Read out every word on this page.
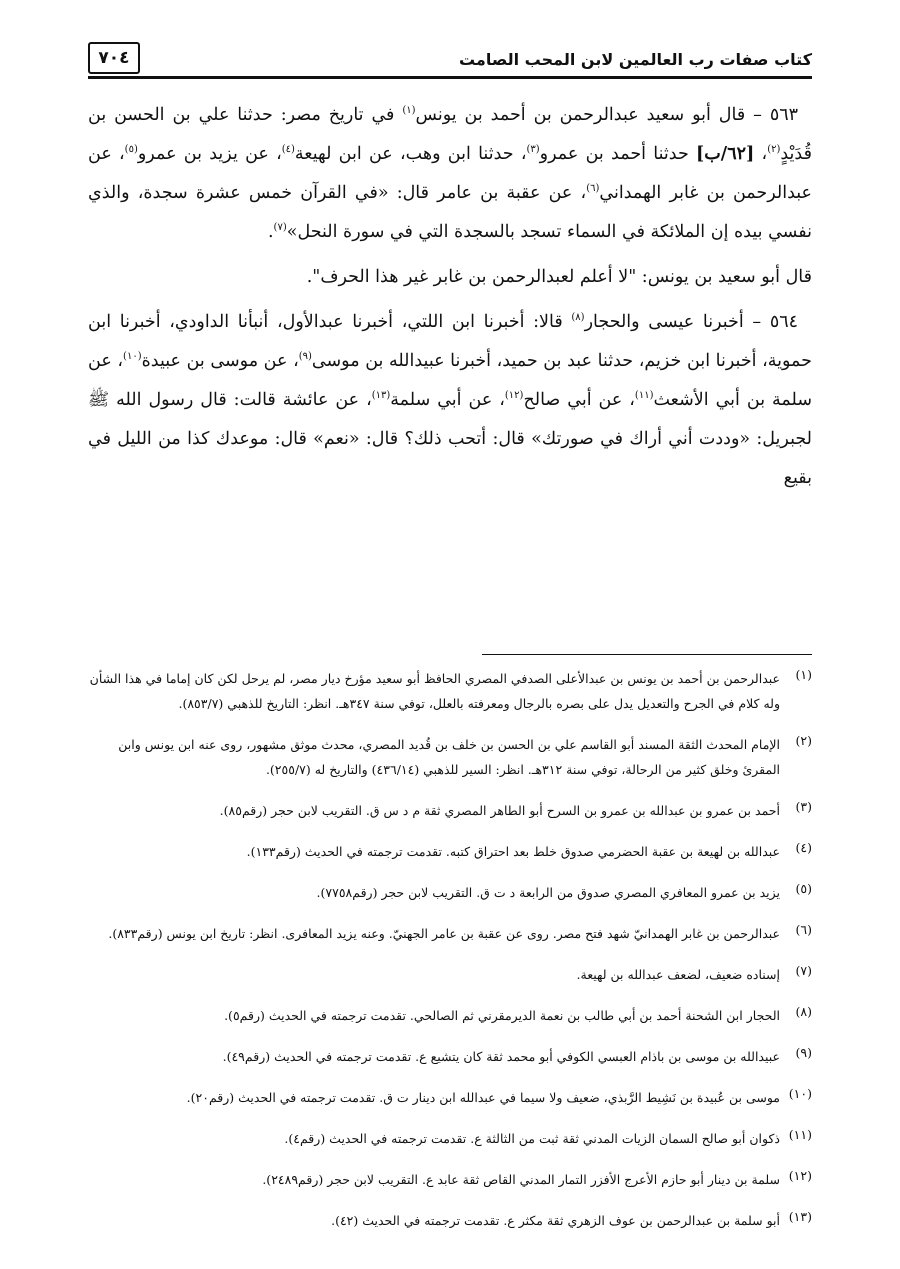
كتاب صفات رب العالمين لابن المحب الصامت
٧٠٤

٥٦٣ – قال أبو سعيد عبدالرحمن بن أحمد بن يونس$^{(١)}$ في تاريخ مصر: حدثنا علي بن الحسن بن قُدَيْدٍ$^{(٢)}$، [٦٢/ب] حدثنا أحمد بن عمرو$^{(٣)}$، حدثنا ابن وهب، عن ابن لهيعة$^{(٤)}$، عن يزيد بن عمرو$^{(٥)}$، عن عبدالرحمن بن غابر الهمداني$^{(٦)}$، عن عقبة بن عامر قال: «في القرآن خمس عشرة سجدة، والذي نفسي بيده إن الملائكة في السماء تسجد بالسجدة التي في سورة النحل»$^{(٧)}$.

قال أبو سعيد بن يونس: "لا أعلم لعبدالرحمن بن غابر غير هذا الحرف".

٥٦٤ – أخبرنا عيسى والحجار$^{(٨)}$ قالا: أخبرنا ابن اللتي، أخبرنا عبدالأول، أنبأنا الداودي، أخبرنا ابن حموية، أخبرنا ابن خزيم، حدثنا عبد بن حميد، أخبرنا عبيدالله بن موسى$^{(٩)}$، عن موسى بن عبيدة$^{(١٠)}$، عن سلمة بن أبي الأشعث$^{(١١)}$، عن أبي صالح$^{(١٢)}$، عن أبي سلمة$^{(١٣)}$، عن عائشة قالت: قال رسول الله ﷺ لجبريل: «وددت أني أراك في صورتك» قال: أتحب ذلك؟ قال: «نعم» قال: موعدك كذا من الليل في بقيع

(١)
عبدالرحمن بن أحمد بن يونس بن عبدالأعلى الصدفي المصري الحافظ أبو سعيد مؤرخ ديار مصر، لم يرحل لكن كان إماما في هذا الشأن وله كلام في الجرح والتعديل يدل على بصره بالرجال ومعرفته بالعلل، توفي سنة ٣٤٧هـ. انظر: التاريخ للذهبي (٨٥٣/٧).
(٢)
الإمام المحدث الثقة المسند أبو القاسم علي بن الحسن بن خلف بن قُديد المصري، محدث موثق مشهور، روى عنه ابن يونس وابن المقرئ وخلق كثير من الرحالة، توفي سنة ٣١٢هـ. انظر: السير للذهبي (٤٣٦/١٤) والتاريخ له (٢٥٥/٧).
(٣)
أحمد بن عمرو بن عبدالله بن عمرو بن السرح أبو الطاهر المصري ثقة م د س ق. التقريب لابن حجر (رقم٨٥).
(٤)
عبدالله بن لهيعة بن عقبة الحضرمي صدوق خلط بعد احتراق كتبه. تقدمت ترجمته في الحديث (رقم١٣٣).
(٥)
يزيد بن عمرو المعافري المصري صدوق من الرابعة د ت ق. التقريب لابن حجر (رقم٧٧٥٨).
(٦)
عبدالرحمن بن غابر الهمدانيّ شهد فتح مصر. روى عن عقبة بن عامر الجهنيّ. وعنه يزيد المعافرى. انظر: تاريخ ابن يونس (رقم٨٣٣).
(٧)
إسناده ضعيف، لضعف عبدالله بن لهيعة.
(٨)
الحجار ابن الشحنة أحمد بن أبي طالب بن نعمة الديرمقرني ثم الصالحي. تقدمت ترجمته في الحديث (رقم٥).
(٩)
عبيدالله بن موسى بن باذام العبسي الكوفي أبو محمد ثقة كان يتشيع ع. تقدمت ترجمته في الحديث (رقم٤٩).
(١٠)
موسى بن عُبيدة بن نَشِيط الرَّبذي، ضعيف ولا سيما في عبدالله ابن دينار ت ق. تقدمت ترجمته في الحديث (رقم٢٠).
(١١)
ذكوان أبو صالح السمان الزيات المدني ثقة ثبت من الثالثة ع. تقدمت ترجمته في الحديث (رقم٤).
(١٢)
سلمة بن دينار أبو حازم الأعرج الأفزر التمار المدني القاص ثقة عابد ع. التقريب لابن حجر (رقم٢٤٨٩).
(١٣)
أبو سلمة بن عبدالرحمن بن عوف الزهري ثقة مكثر ع. تقدمت ترجمته في الحديث (٤٢).
